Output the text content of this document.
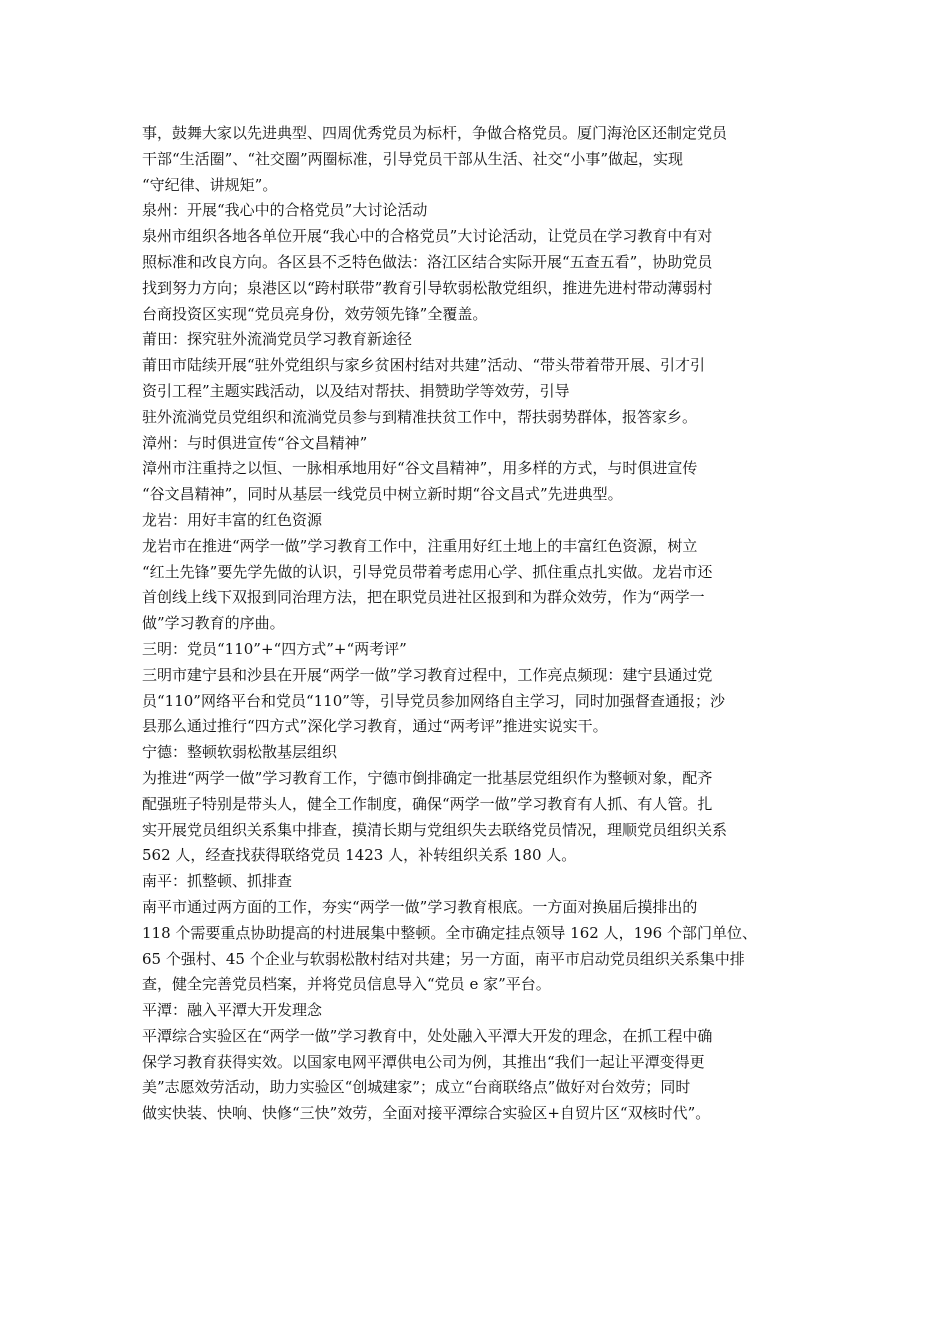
事，鼓舞大家以先进典型、四周优秀党员为标杆，争做合格党员。厦门海沧区还制定党员
干部“生活圈”、“社交圈”两圈标准，引导党员干部从生活、社交“小事”做起，实现
“守纪律、讲规矩”。
泉州：开展“我心中的合格党员”大讨论活动
泉州市组织各地各单位开展“我心中的合格党员”大讨论活动，让党员在学习教育中有对
照标准和改良方向。各区县不乏特色做法：洛江区结合实际开展“五查五看”，协助党员
找到努力方向；泉港区以“跨村联带”教育引导软弱松散党组织，推进先进村带动薄弱村
台商投资区实现“党员亮身份，效劳领先锋”全覆盖。
莆田：探究驻外流淌党员学习教育新途径
莆田市陆续开展“驻外党组织与家乡贫困村结对共建”活动、“带头带着带开展、引才引
资引工程”主题实践活动，以及结对帮扶、捐赞助学等效劳，引导
驻外流淌党员党组织和流淌党员参与到精准扶贫工作中，帮扶弱势群体，报答家乡。
漳州：与时俱进宣传“谷文昌精神”
漳州市注重持之以恒、一脉相承地用好“谷文昌精神”，用多样的方式，与时俱进宣传
“谷文昌精神”，同时从基层一线党员中树立新时期“谷文昌式”先进典型。
龙岩：用好丰富的红色资源
龙岩市在推进“两学一做”学习教育工作中，注重用好红土地上的丰富红色资源，树立
“红土先锋”要先学先做的认识，引导党员带着考虑用心学、抓住重点扎实做。龙岩市还
首创线上线下双报到同治理方法，把在职党员进社区报到和为群众效劳，作为“两学一
做”学习教育的序曲。
三明：党员“110”+“四方式”+“两考评”
三明市建宁县和沙县在开展“两学一做”学习教育过程中，工作亮点频现：建宁县通过党
员“110”网络平台和党员“110”等，引导党员参加网络自主学习，同时加强督查通报；沙
县那么通过推行“四方式”深化学习教育，通过“两考评”推进实说实干。
宁德：整顿软弱松散基层组织
为推进“两学一做”学习教育工作，宁德市倒排确定一批基层党组织作为整顿对象，配齐
配强班子特别是带头人，健全工作制度，确保“两学一做”学习教育有人抓、有人管。扎
实开展党员组织关系集中排查，摸清长期与党组织失去联络党员情况，理顺党员组织关系
562 人，经查找获得联络党员 1423 人，补转组织关系 180 人。
南平：抓整顿、抓排查
南平市通过两方面的工作，夯实“两学一做”学习教育根底。一方面对换届后摸排出的
118 个需要重点协助提高的村进展集中整顿。全市确定挂点领导 162 人，196 个部门单位、
65 个强村、45 个企业与软弱松散村结对共建；另一方面，南平市启动党员组织关系集中排
查，健全完善党员档案，并将党员信息导入“党员 e 家”平台。
平潭：融入平潭大开发理念
平潭综合实验区在“两学一做”学习教育中，处处融入平潭大开发的理念，在抓工程中确
保学习教育获得实效。以国家电网平潭供电公司为例，其推出“我们一起让平潭变得更
美”志愿效劳活动，助力实验区“创城建家”；成立“台商联络点”做好对台效劳；同时
做实快装、快响、快修“三快”效劳，全面对接平潭综合实验区+自贸片区“双核时代”。
